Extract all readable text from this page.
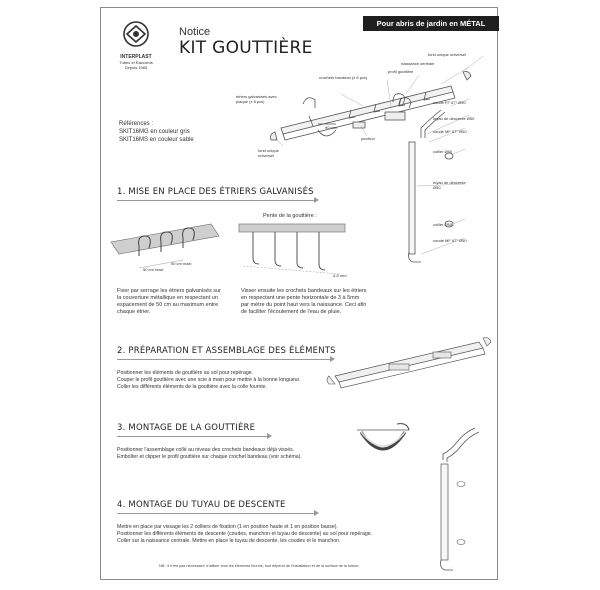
INTERPLAST
Tubes et Raccords
Depuis 1965
Notice
KIT GOUTTIÈRE
Pour abris de jardin en MÉTAL
Références :
SKIT16MG en couleur gris
SKIT16MS en couleur sable
fond unique universel
naissance centrale
crochets bandeau (x 8 pcs)
profil gouttière
étriers galvanisés avec plaque (x 8 pcs)
90 mm
coude FF 67° Ø50
tuyau de descente Ø50
coude MF 67° Ø50
collier Ø50
jonction
fond unique universel
tuyau de descente Ø50
collier Ø50
coude MF 67° Ø50
1. MISE EN PLACE DES ÉTRIERS GALVANISÉS
50 cm maxi
50 cm maxi
Pente de la gouttière :
3-5 mm
Fixer par serrage les étriers galvanisés sur
la couverture métallique en respectant un
espacement de 50 cm au maximum entre
chaque étrier.
Visser ensuite les crochets bandeaux sur les étriers
en respectant une pente horizontale de 3 à 5mm
par mètre du point haut vers la naissance. Ceci afin
de faciliter l'écoulement de l'eau de pluie.
2. PRÉPARATION ET ASSEMBLAGE DES ÉLÉMENTS
Positionner les éléments de gouttière au sol pour repérage.
Couper le profil gouttière avec une scie à main pour mettre à la bonne longueur.
Coller les différents éléments de la gouttière avec la colle fournie.
3. MONTAGE DE LA GOUTTIÈRE
Positionner l'assemblage collé au niveau des crochets bandeaux déjà vissés.
Emboîter et clipper le profil gouttière sur chaque crochet bandeau (voir schéma).
4. MONTAGE DU TUYAU DE DESCENTE
Mettre en place par vissage les 2 colliers de fixation (1 en position haute et 1 en position basse).
Positionner les différents éléments de descente (coudes, manchon et tuyau de descente) au sol pour repérage.
Coller sur la naissance centrale. Mettre en place le tuyau de descente, les coudes et le manchon.
NB : il n'est pas nécessaire d'utiliser tous les éléments fournis, tout dépend de l'installation et de la surface de la toiture.
